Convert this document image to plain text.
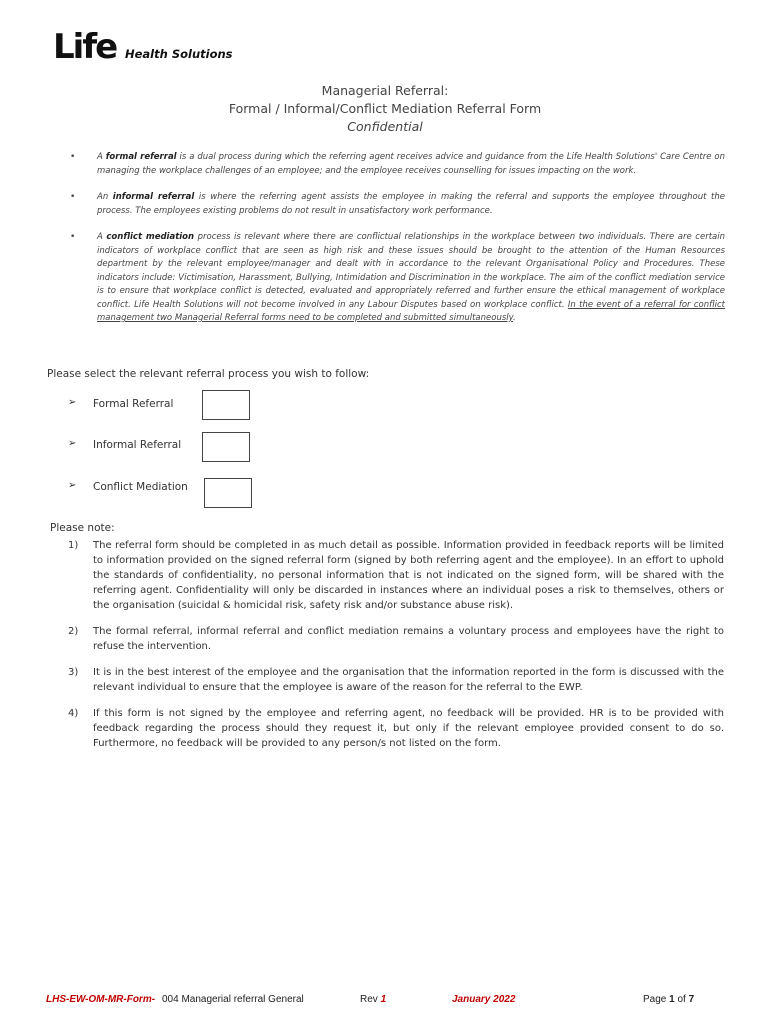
Life Health Solutions
Managerial Referral:
Formal / Informal/Conflict Mediation Referral Form
Confidential
•	A formal referral is a dual process during which the referring agent receives advice and guidance from the Life Health Solutions' Care Centre on managing the workplace challenges of an employee; and the employee receives counselling for issues impacting on the work.
•	An informal referral is where the referring agent assists the employee in making the referral and supports the employee throughout the process. The employees existing problems do not result in unsatisfactory work performance.
•	A conflict mediation process is relevant where there are conflictual relationships in the workplace between two individuals. There are certain indicators of workplace conflict that are seen as high risk and these issues should be brought to the attention of the Human Resources department by the relevant employee/manager and dealt with in accordance to the relevant Organisational Policy and Procedures. These indicators include: Victimisation, Harassment, Bullying, Intimidation and Discrimination in the workplace. The aim of the conflict mediation service is to ensure that workplace conflict is detected, evaluated and appropriately referred and further ensure the ethical management of workplace conflict. Life Health Solutions will not become involved in any Labour Disputes based on workplace conflict. In the event of a referral for conflict management two Managerial Referral forms need to be completed and submitted simultaneously.
Please select the relevant referral process you wish to follow:
➢ Formal Referral
➢ Informal Referral
➢ Conflict Mediation
Please note:
1) The referral form should be completed in as much detail as possible. Information provided in feedback reports will be limited to information provided on the signed referral form (signed by both referring agent and the employee). In an effort to uphold the standards of confidentiality, no personal information that is not indicated on the signed form, will be shared with the referring agent. Confidentiality will only be discarded in instances where an individual poses a risk to themselves, others or the organisation (suicidal & homicidal risk, safety risk and/or substance abuse risk).
2) The formal referral, informal referral and conflict mediation remains a voluntary process and employees have the right to refuse the intervention.
3) It is in the best interest of the employee and the organisation that the information reported in the form is discussed with the relevant individual to ensure that the employee is aware of the reason for the referral to the EWP.
4) If this form is not signed by the employee and referring agent, no feedback will be provided. HR is to be provided with feedback regarding the process should they request it, but only if the relevant employee provided consent to do so. Furthermore, no feedback will be provided to any person/s not listed on the form.
LHS-EW-OM-MR-Form- 004 Managerial referral General	Rev 1	January 2022	Page 1 of 7
